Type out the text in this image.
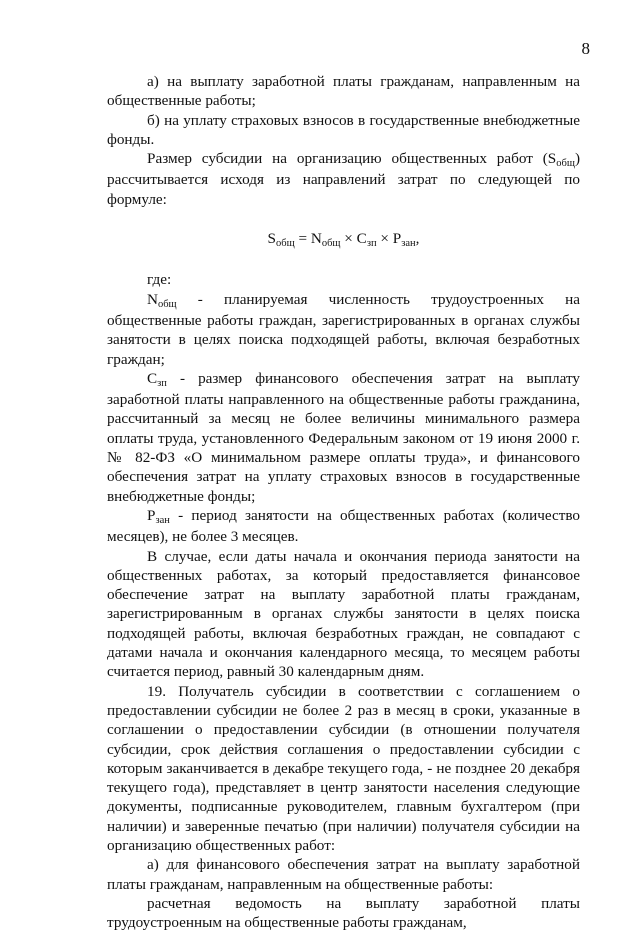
8

а) на выплату заработной платы гражданам, направленным на общественные работы;

б) на уплату страховых взносов в государственные внебюджетные фонды.

Размер субсидии на организацию общественных работ (Sобщ) рассчитывается исходя из направлений затрат по следующей по формуле:

Sобщ = Nобщ × Cзп × Pзан,

где:

Nобщ - планируемая численность трудоустроенных на общественные работы граждан, зарегистрированных в органах службы занятости в целях поиска подходящей работы, включая безработных граждан;

Cзп - размер финансового обеспечения затрат на выплату заработной платы направленного на общественные работы гражданина, рассчитанный за месяц не более величины минимального размера оплаты труда, установленного Федеральным законом от 19 июня 2000 г. № 82-ФЗ «О минимальном размере оплаты труда», и финансового обеспечения затрат на уплату страховых взносов в государственные внебюджетные фонды;

Pзан - период занятости на общественных работах (количество месяцев), не более 3 месяцев.

В случае, если даты начала и окончания периода занятости на общественных работах, за который предоставляется финансовое обеспечение затрат на выплату заработной платы гражданам, зарегистрированным в органах службы занятости в целях поиска подходящей работы, включая безработных граждан, не совпадают с датами начала и окончания календарного месяца, то месяцем работы считается период, равный 30 календарным дням.

19. Получатель субсидии в соответствии с соглашением о предоставлении субсидии не более 2 раз в месяц в сроки, указанные в соглашении о предоставлении субсидии (в отношении получателя субсидии, срок действия соглашения о предоставлении субсидии с которым заканчивается в декабре текущего года, - не позднее 20 декабря текущего года), представляет в центр занятости населения следующие документы, подписанные руководителем, главным бухгалтером (при наличии) и заверенные печатью (при наличии) получателя субсидии на организацию общественных работ:

а) для финансового обеспечения затрат на выплату заработной платы гражданам, направленным на общественные работы:

расчетная ведомость на выплату заработной платы трудоустроенным на общественные работы гражданам,
